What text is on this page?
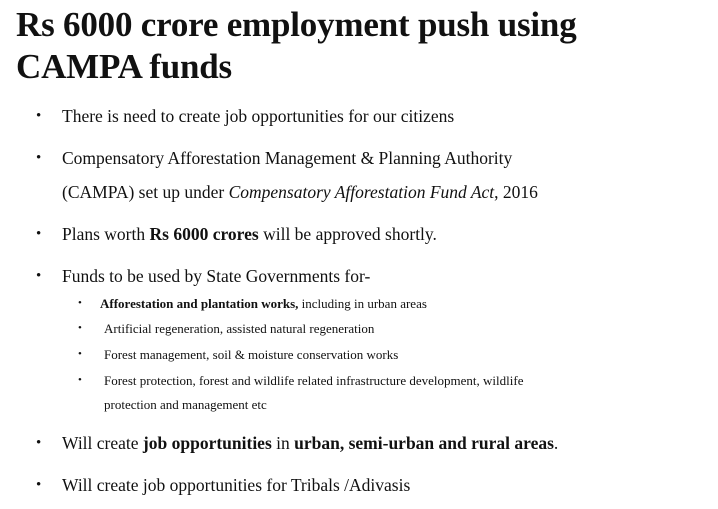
Rs 6000 crore employment push using
CAMPA funds
• There is need to create job opportunities for our citizens
• Compensatory Afforestation Management & Planning Authority
(CAMPA) set up under Compensatory Afforestation Fund Act, 2016
• Plans worth Rs 6000 crores will be approved shortly.
• Funds to be used by State Governments for-
• Afforestation and plantation works, including in urban areas
• Artificial regeneration, assisted natural regeneration
• Forest management, soil & moisture conservation works
• Forest protection, forest and wildlife related infrastructure development, wildlife
protection and management etc
• Will create job opportunities in urban, semi-urban and rural areas.
• Will create job opportunities for Tribals /Adivasis
